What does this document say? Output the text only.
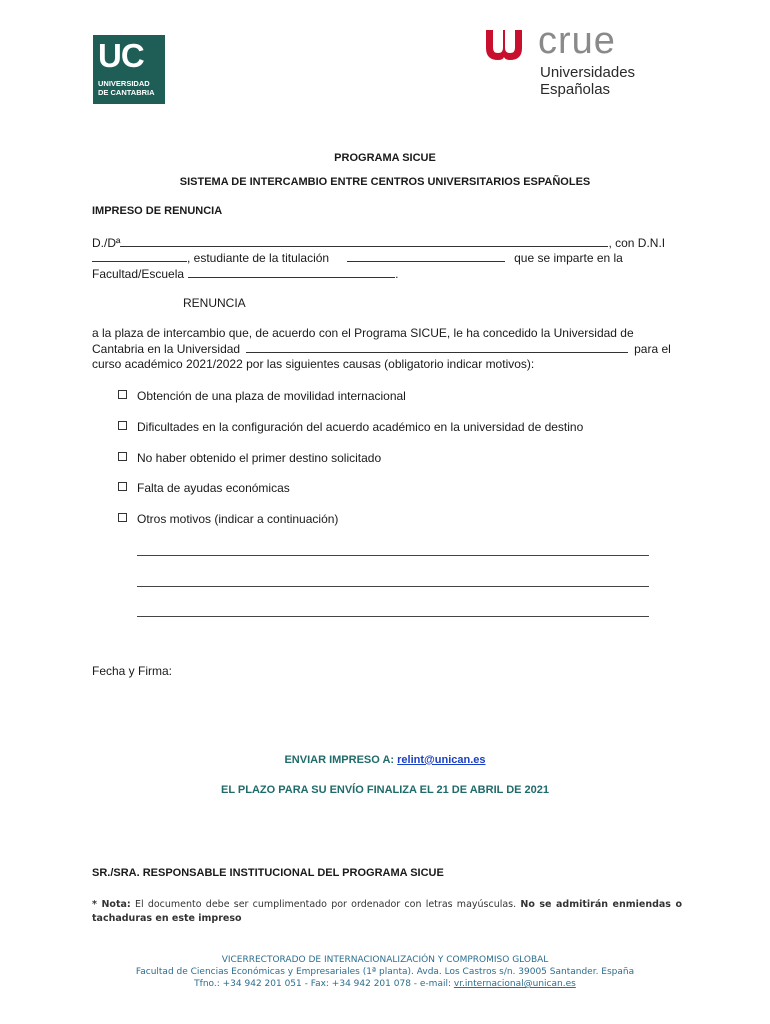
UC
UNIVERSIDAD
DE CANTABRIA
crue
Universidades
Españolas
PROGRAMA SICUE
SISTEMA DE INTERCAMBIO ENTRE CENTROS UNIVERSITARIOS ESPAÑOLES
IMPRESO DE RENUNCIA
D./Dª	, con D.N.I
, estudiante de la titulación	que se imparte en la
Facultad/Escuela	.
RENUNCIA
a la plaza de intercambio que, de acuerdo con el Programa SICUE, le ha concedido la Universidad de
Cantabria en la Universidad	para el
curso académico 2021/2022 por las siguientes causas (obligatorio indicar motivos):
Obtención de una plaza de movilidad internacional
Dificultades en la configuración del acuerdo académico en la universidad de destino
No haber obtenido el primer destino solicitado
Falta de ayudas económicas
Otros motivos (indicar a continuación)
Fecha y Firma:
ENVIAR IMPRESO A: relint@unican.es
EL PLAZO PARA SU ENVÍO FINALIZA EL 21 DE ABRIL DE 2021
SR./SRA. RESPONSABLE INSTITUCIONAL DEL PROGRAMA SICUE
* Nota: El documento debe ser cumplimentado por ordenador con letras mayúsculas. No se admitirán enmiendas o tachaduras en este impreso
VICERRECTORADO DE INTERNACIONALIZACIÓN Y COMPROMISO GLOBAL
Facultad de Ciencias Económicas y Empresariales (1ª planta). Avda. Los Castros s/n. 39005 Santander. España
Tfno.: +34 942 201 051 - Fax: +34 942 201 078 - e-mail: vr.internacional@unican.es
